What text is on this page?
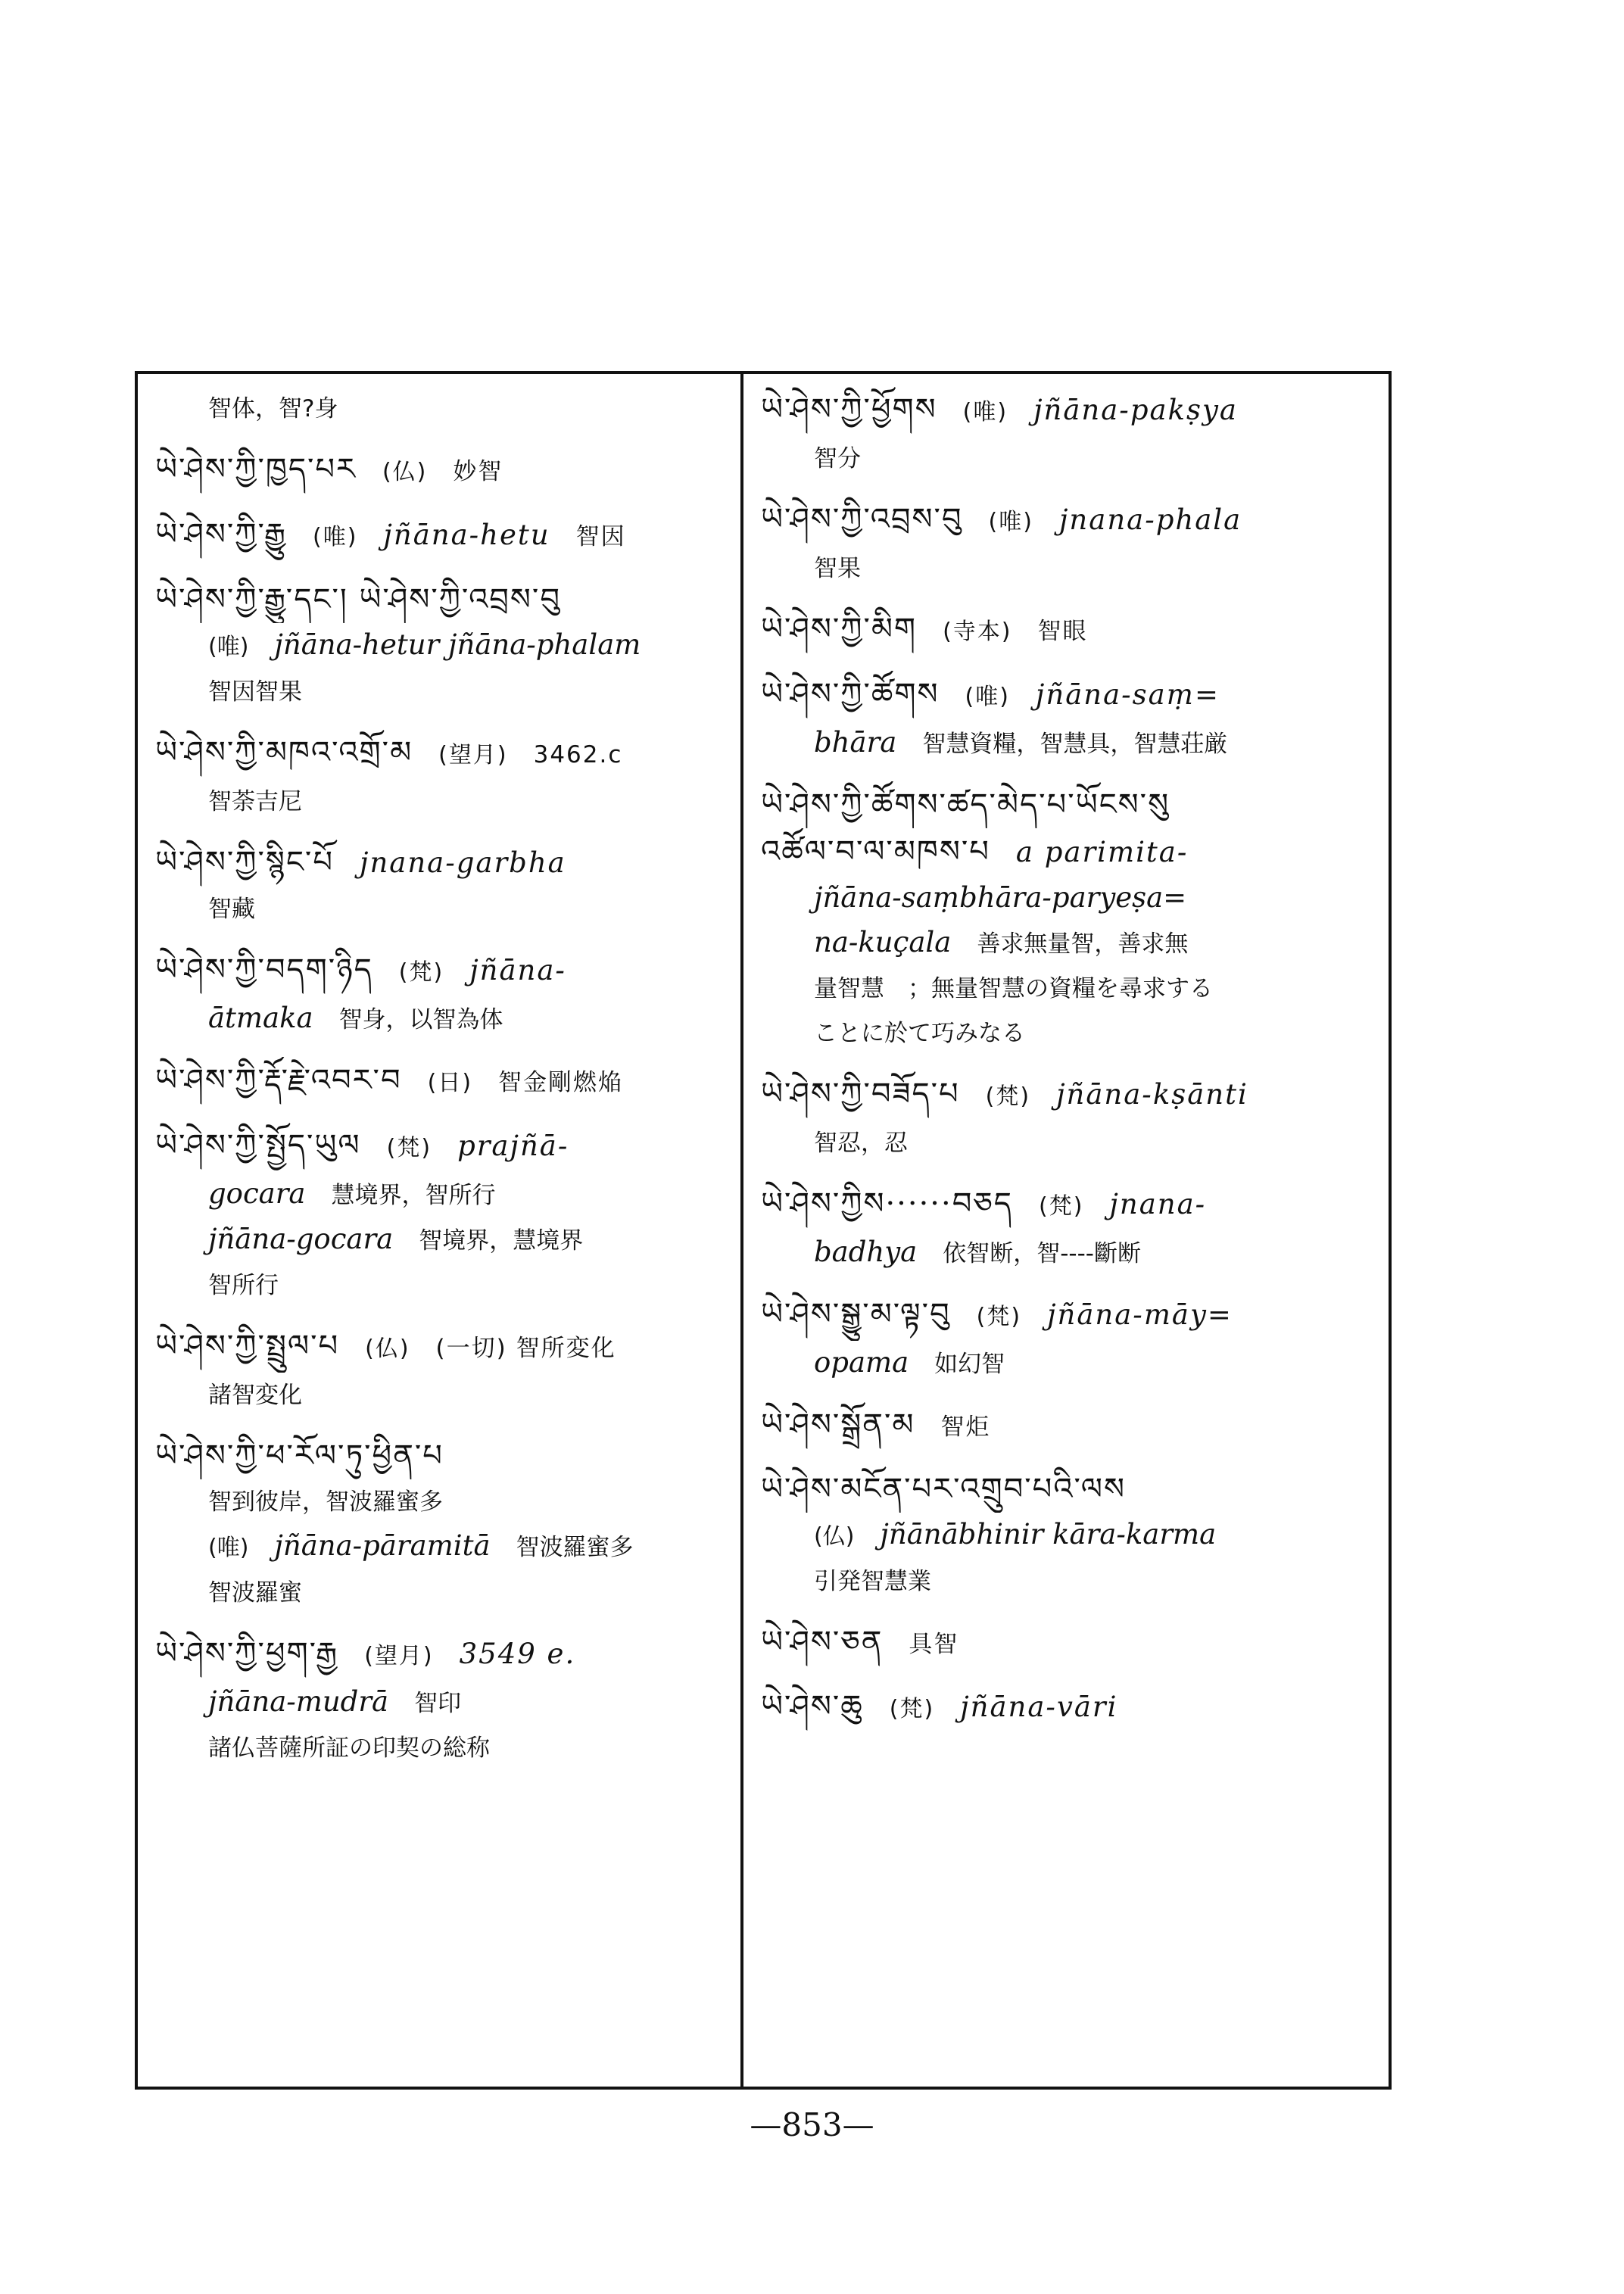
智体，智?身
ཡེ་ཤེས་ཀྱི་ཁྱད་པར (仏) 妙智
ཡེ་ཤེས་ཀྱི་རྒྱུ (唯) jñāna-hetu 智因
ཡེ་ཤེས་ཀྱི་རྒྱུ་དང་། ཡེ་ཤེས་ཀྱི་འབྲས་བུ
(唯) jñāna-hetur jñāna-phalam
智因智果
ཡེ་ཤེས་ཀྱི་མཁའ་འགྲོ་མ (望月) 3462.c
智荼吉尼
ཡེ་ཤེས་ཀྱི་སྙིང་པོ jnana-garbha
智藏
ཡེ་ཤེས་ཀྱི་བདག་ཉིད (梵) jñāna-
ātmaka 智身，以智為体
ཡེ་ཤེས་ཀྱི་རྡོ་རྗེ་འབར་བ (日) 智金剛燃焔
ཡེ་ཤེས་ཀྱི་སྤྱོད་ཡུལ (梵) prajñā-
gocara 慧境界，智所行
jñāna-gocara 智境界，慧境界
智所行
ཡེ་ཤེས་ཀྱི་སྤྲུལ་པ (仏) (一切) 智所変化
諸智変化
ཡེ་ཤེས་ཀྱི་ཕ་རོལ་ཏུ་ཕྱིན་པ
智到彼岸，智波羅蜜多
(唯) jñāna-pāramitā 智波羅蜜多
智波羅蜜
ཡེ་ཤེས་ཀྱི་ཕྱག་རྒྱ (望月) 3549 e.
jñāna-mudrā 智印
諸仏菩薩所証の印契の総称
ཡེ་ཤེས་ཀྱི་ཕྱོགས (唯) jñāna-pakṣya
智分
ཡེ་ཤེས་ཀྱི་འབྲས་བུ (唯) jnana-phala
智果
ཡེ་ཤེས་ཀྱི་མིག (寺本) 智眼
ཡེ་ཤེས་ཀྱི་ཚོགས (唯) jñāna-saṃ=
bhāra 智慧資糧，智慧具，智慧荘厳
ཡེ་ཤེས་ཀྱི་ཚོགས་ཚད་མེད་པ་ཡོངས་སུ
འཚོལ་བ་ལ་མཁས་པ a parimita-
jñāna-saṃbhāra-paryeṣa=
na-kuçala 善求無量智，善求無
量智慧　；無量智慧の資糧を尋求する
ことに於て巧みなる
ཡེ་ཤེས་ཀྱི་བཟོད་པ (梵) jñāna-kṣānti
智忍，忍
ཡེ་ཤེས་ཀྱིས······བཅད (梵) jnana-
badhya 依智断，智----斷断
ཡེ་ཤེས་སྒྱུ་མ་ལྟ་བུ (梵) jñāna-māy=
opama 如幻智
ཡེ་ཤེས་སྒྲོན་མ 智炬
ཡེ་ཤེས་མངོན་པར་འགྲུབ་པའི་ལས
(仏) jñānābhinir kāra-karma
引発智慧業
ཡེ་ཤེས་ཅན 具智
ཡེ་ཤེས་ཆུ (梵) jñāna-vāri
—853—
